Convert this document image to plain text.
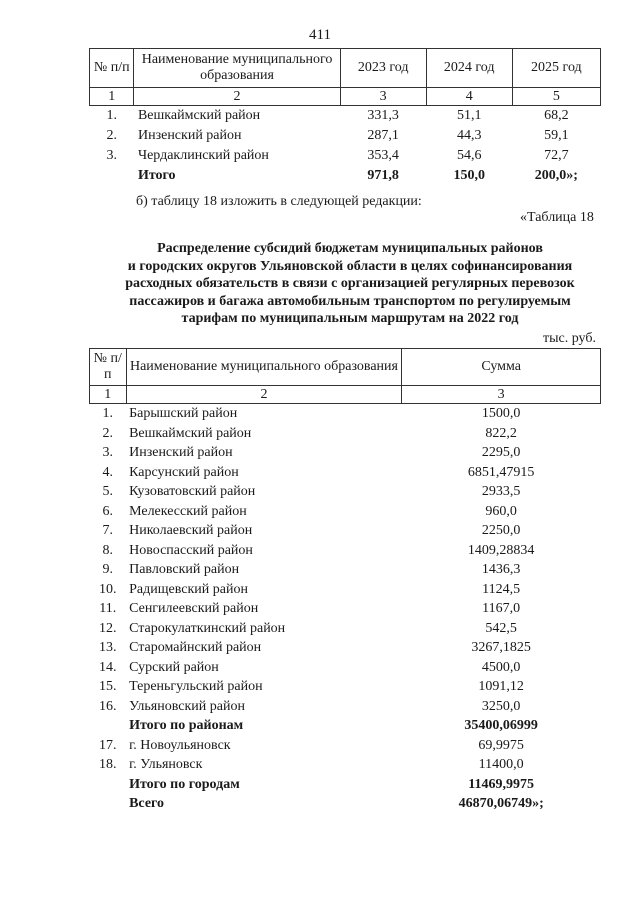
411
№ п/п	Наименование муниципального образования	2023 год	2024 год	2025 год
1	2	3	4	5
1.	Вешкаймский район	331,3	51,1	68,2
2.	Инзенский район	287,1	44,3	59,1
3.	Чердаклинский район	353,4	54,6	72,7
	Итого	971,8	150,0	200,0»;
б) таблицу 18 изложить в следующей редакции:
«Таблица 18
Распределение субсидий бюджетам муниципальных районов
и городских округов Ульяновской области в целях софинансирования
расходных обязательств в связи с организацией регулярных перевозок
пассажиров и багажа автомобильным транспортом по регулируемым
тарифам по муниципальным маршрутам на 2022 год
тыс. руб.
№ п/п	Наименование муниципального образования	Сумма
1	2	3
1.	Барышский район	1500,0
2.	Вешкаймский район	822,2
3.	Инзенский район	2295,0
4.	Карсунский район	6851,47915
5.	Кузоватовский район	2933,5
6.	Мелекесский район	960,0
7.	Николаевский район	2250,0
8.	Новоспасский район	1409,28834
9.	Павловский район	1436,3
10.	Радищевский район	1124,5
11.	Сенгилеевский район	1167,0
12.	Старокулаткинский район	542,5
13.	Старомайнский район	3267,1825
14.	Сурский район	4500,0
15.	Тереньгульский район	1091,12
16.	Ульяновский район	3250,0
	Итого по районам	35400,06999
17.	г. Новоульяновск	69,9975
18.	г. Ульяновск	11400,0
	Итого по городам	11469,9975
	Всего	46870,06749»;
